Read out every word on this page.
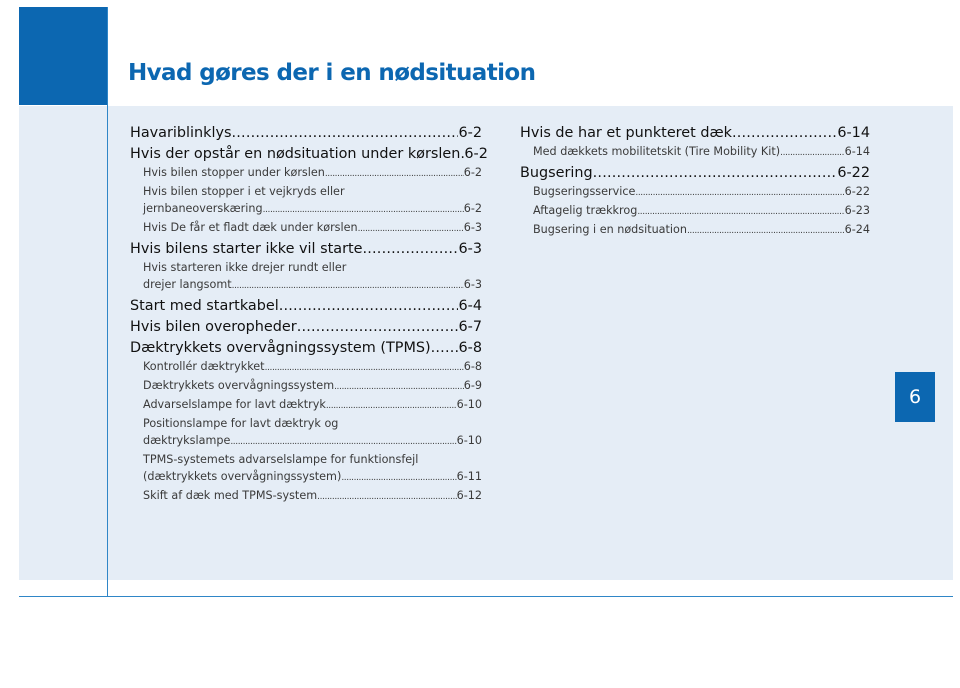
Hvad gøres der i en nødsituation
6
Havariblinklys .....	6-2
Hvis der opstår en nødsituation under kørslen ..... 6-2
Hvis bilen stopper under kørslen .....	6-2
Hvis bilen stopper i et vejkryds eller
jernbaneoverskæring .....	6-2
Hvis De får et fladt dæk under kørslen .....	6-3
Hvis bilens starter ikke vil starte .....	6-3
Hvis starteren ikke drejer rundt eller
drejer langsomt .....	6-3
Start med startkabel .....	6-4
Hvis bilen overopheder .....	6-7
Dæktrykkets overvågningssystem (TPMS) ..... 6-8
Kontrollér dæktrykket .....	6-8
Dæktrykkets overvågningssystem .....	6-9
Advarselslampe for lavt dæktryk .....	6-10
Positionslampe for lavt dæktryk og
dæktrykslampe .....	6-10
TPMS-systemets advarselslampe for funktionsfejl
(dæktrykkets overvågningssystem) .....	6-11
Skift af dæk med TPMS-system .....	6-12
Hvis de har et punkteret dæk .....	6-14
Med dækkets mobilitetskit (Tire Mobility Kit) .....	6-14
Bugsering .....	6-22
Bugseringsservice .....	6-22
Aftagelig trækkrog .....	6-23
Bugsering i en nødsituation .....	6-24
